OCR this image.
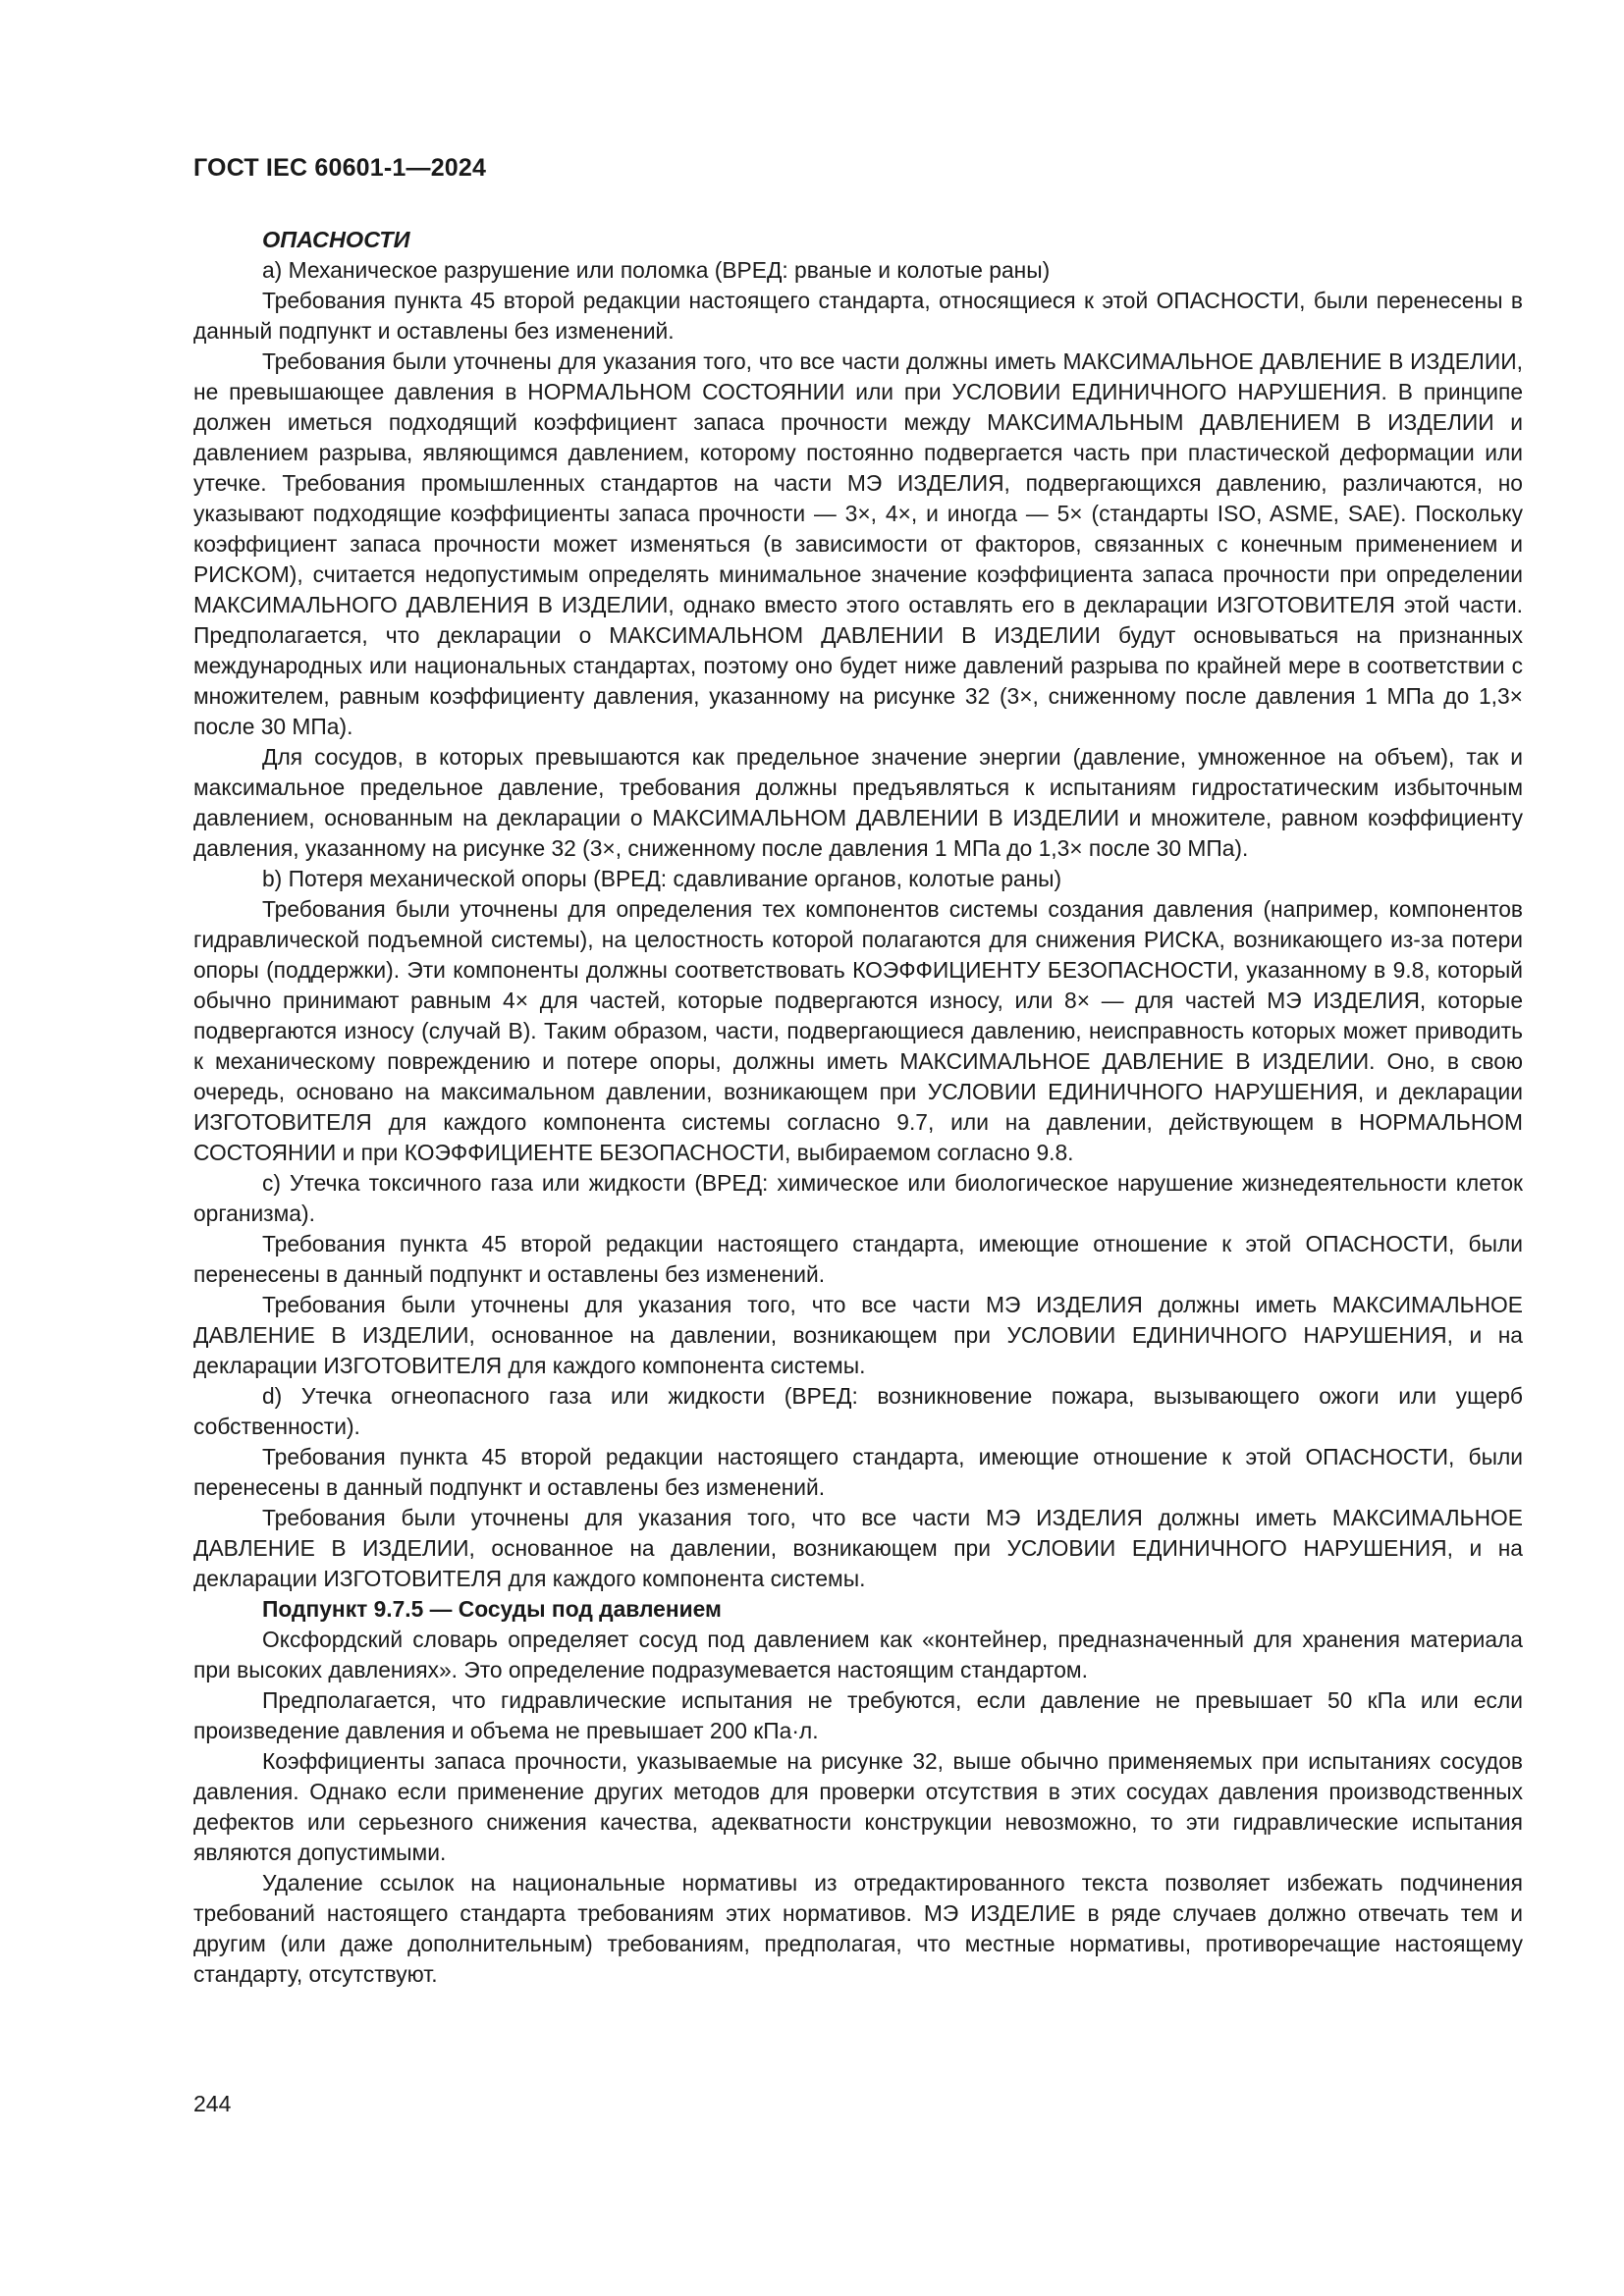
ГОСТ IEC 60601-1—2024

ОПАСНОСТИ

a) Механическое разрушение или поломка (ВРЕД: рваные и колотые раны)

Требования пункта 45 второй редакции настоящего стандарта, относящиеся к этой ОПАСНОСТИ, были перенесены в данный подпункт и оставлены без изменений.

Требования были уточнены для указания того, что все части должны иметь МАКСИМАЛЬНОЕ ДАВЛЕНИЕ В ИЗДЕЛИИ, не превышающее давления в НОРМАЛЬНОМ СОСТОЯНИИ или при УСЛОВИИ ЕДИНИЧНОГО НАРУШЕНИЯ. В принципе должен иметься подходящий коэффициент запаса прочности между МАКСИМАЛЬНЫМ ДАВЛЕНИЕМ В ИЗДЕЛИИ и давлением разрыва, являющимся давлением, которому постоянно подвергается часть при пластической деформации или утечке. Требования промышленных стандартов на части МЭ ИЗДЕЛИЯ, подвергающихся давлению, различаются, но указывают подходящие коэффициенты запаса прочности — 3×, 4×, и иногда — 5× (стандарты ISO, ASME, SAE). Поскольку коэффициент запаса прочности может изменяться (в зависимости от факторов, связанных с конечным применением и РИСКОМ), считается недопустимым определять минимальное значение коэффициента запаса прочности при определении МАКСИМАЛЬНОГО ДАВЛЕНИЯ В ИЗДЕЛИИ, однако вместо этого оставлять его в декларации ИЗГОТОВИТЕЛЯ этой части. Предполагается, что декларации о МАКСИМАЛЬНОМ ДАВЛЕНИИ В ИЗДЕЛИИ будут основываться на признанных международных или национальных стандартах, поэтому оно будет ниже давлений разрыва по крайней мере в соответствии с множителем, равным коэффициенту давления, указанному на рисунке 32 (3×, сниженному после давления 1 МПа до 1,3× после 30 МПа).

Для сосудов, в которых превышаются как предельное значение энергии (давление, умноженное на объем), так и максимальное предельное давление, требования должны предъявляться к испытаниям гидростатическим избыточным давлением, основанным на декларации о МАКСИМАЛЬНОМ ДАВЛЕНИИ В ИЗДЕЛИИ и множителе, равном коэффициенту давления, указанному на рисунке 32 (3×, сниженному после давления 1 МПа до 1,3× после 30 МПа).

b) Потеря механической опоры (ВРЕД: сдавливание органов, колотые раны)

Требования были уточнены для определения тех компонентов системы создания давления (например, компонентов гидравлической подъемной системы), на целостность которой полагаются для снижения РИСКА, возникающего из-за потери опоры (поддержки). Эти компоненты должны соответствовать КОЭФФИЦИЕНТУ БЕЗОПАСНОСТИ, указанному в 9.8, который обычно принимают равным 4× для частей, которые подвергаются износу, или 8× — для частей МЭ ИЗДЕЛИЯ, которые подвергаются износу (случай В). Таким образом, части, подвергающиеся давлению, неисправность которых может приводить к механическому повреждению и потере опоры, должны иметь МАКСИМАЛЬНОЕ ДАВЛЕНИЕ В ИЗДЕЛИИ. Оно, в свою очередь, основано на максимальном давлении, возникающем при УСЛОВИИ ЕДИНИЧНОГО НАРУШЕНИЯ, и декларации ИЗГОТОВИТЕЛЯ для каждого компонента системы согласно 9.7, или на давлении, действующем в НОРМАЛЬНОМ СОСТОЯНИИ и при КОЭФФИЦИЕНТЕ БЕЗОПАСНОСТИ, выбираемом согласно 9.8.

c) Утечка токсичного газа или жидкости (ВРЕД: химическое или биологическое нарушение жизнедеятельности клеток организма).

Требования пункта 45 второй редакции настоящего стандарта, имеющие отношение к этой ОПАСНОСТИ, были перенесены в данный подпункт и оставлены без изменений.

Требования были уточнены для указания того, что все части МЭ ИЗДЕЛИЯ должны иметь МАКСИМАЛЬНОЕ ДАВЛЕНИЕ В ИЗДЕЛИИ, основанное на давлении, возникающем при УСЛОВИИ ЕДИНИЧНОГО НАРУШЕНИЯ, и на декларации ИЗГОТОВИТЕЛЯ для каждого компонента системы.

d) Утечка огнеопасного газа или жидкости (ВРЕД: возникновение пожара, вызывающего ожоги или ущерб собственности).

Требования пункта 45 второй редакции настоящего стандарта, имеющие отношение к этой ОПАСНОСТИ, были перенесены в данный подпункт и оставлены без изменений.

Требования были уточнены для указания того, что все части МЭ ИЗДЕЛИЯ должны иметь МАКСИМАЛЬНОЕ ДАВЛЕНИЕ В ИЗДЕЛИИ, основанное на давлении, возникающем при УСЛОВИИ ЕДИНИЧНОГО НАРУШЕНИЯ, и на декларации ИЗГОТОВИТЕЛЯ для каждого компонента системы.

Подпункт 9.7.5 — Сосуды под давлением

Оксфордский словарь определяет сосуд под давлением как «контейнер, предназначенный для хранения материала при высоких давлениях». Это определение подразумевается настоящим стандартом.

Предполагается, что гидравлические испытания не требуются, если давление не превышает 50 кПа или если произведение давления и объема не превышает 200 кПа·л.

Коэффициенты запаса прочности, указываемые на рисунке 32, выше обычно применяемых при испытаниях сосудов давления. Однако если применение других методов для проверки отсутствия в этих сосудах давления производственных дефектов или серьезного снижения качества, адекватности конструкции невозможно, то эти гидравлические испытания являются допустимыми.

Удаление ссылок на национальные нормативы из отредактированного текста позволяет избежать подчинения требований настоящего стандарта требованиям этих нормативов. МЭ ИЗДЕЛИЕ в ряде случаев должно отвечать тем и другим (или даже дополнительным) требованиям, предполагая, что местные нормативы, противоречащие настоящему стандарту, отсутствуют.

244
